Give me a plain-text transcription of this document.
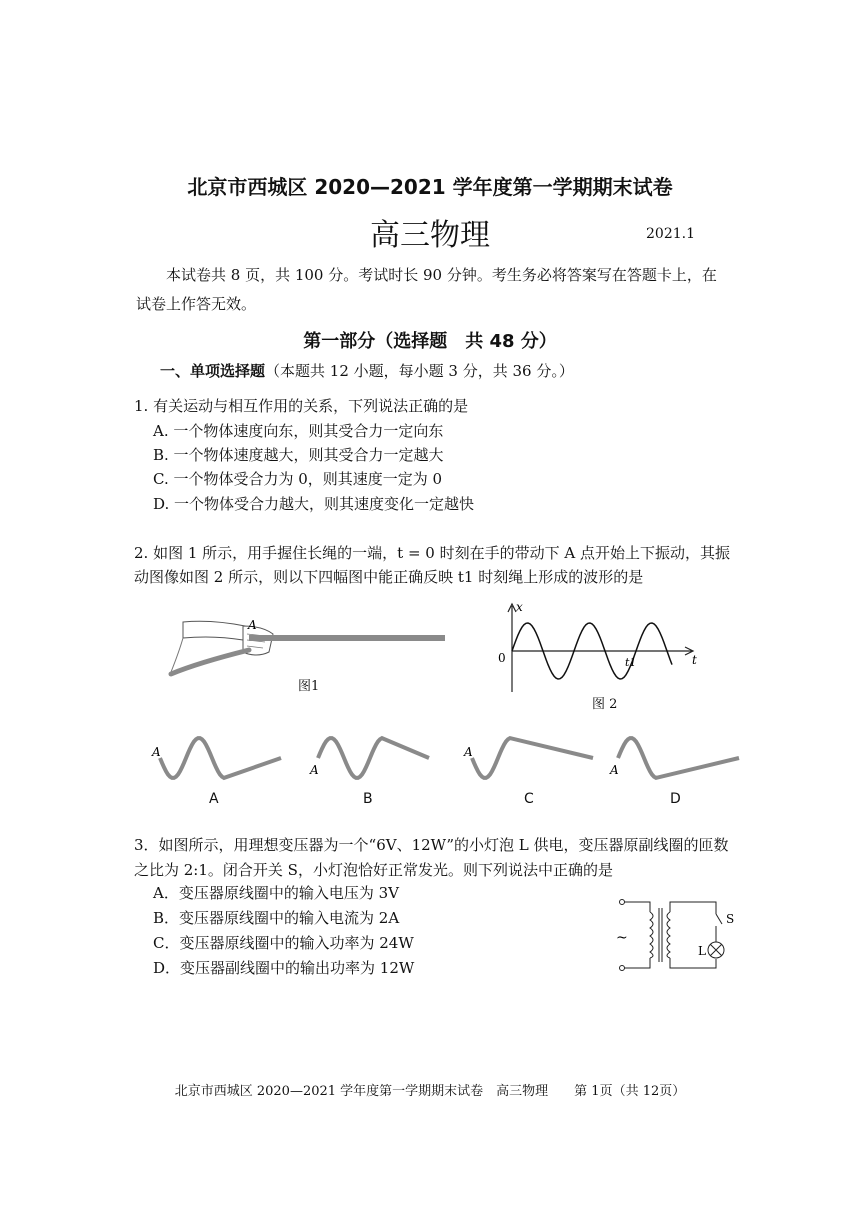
北京市西城区 2020—2021 学年度第一学期期末试卷
高三物理	2021.1
本试卷共 8 页，共 100 分。考试时长 90 分钟。考生务必将答案写在答题卡上，在试卷上作答无效。
第一部分（选择题　共 48 分）
一、单项选择题（本题共 12 小题，每小题 3 分，共 36 分。）
1. 有关运动与相互作用的关系，下列说法正确的是
A. 一个物体速度向东，则其受合力一定向东
B. 一个物体速度越大，则其受合力一定越大
C. 一个物体受合力为 0，则其速度一定为 0
D. 一个物体受合力越大，则其速度变化一定越快
2. 如图 1 所示，用手握住长绳的一端，t = 0 时刻在手的带动下 A 点开始上下振动，其振动图像如图 2 所示，则以下四幅图中能正确反映 t1 时刻绳上形成的波形的是
A
图1
x
t
0	t1
图 2
A
A
A
A
A	B	C	D
3．如图所示，用理想变压器为一个“6V、12W”的小灯泡 L 供电，变压器原副线圈的匝数之比为 2:1。闭合开关 S，小灯泡恰好正常发光。则下列说法中正确的是
A．变压器原线圈中的输入电压为 3V
B．变压器原线圈中的输入电流为 2A
C．变压器原线圈中的输入功率为 24W
D．变压器副线圈中的输出功率为 12W
~
S
L
北京市西城区 2020—2021 学年度第一学期期末试卷　高三物理　　第 1页（共 12页）
